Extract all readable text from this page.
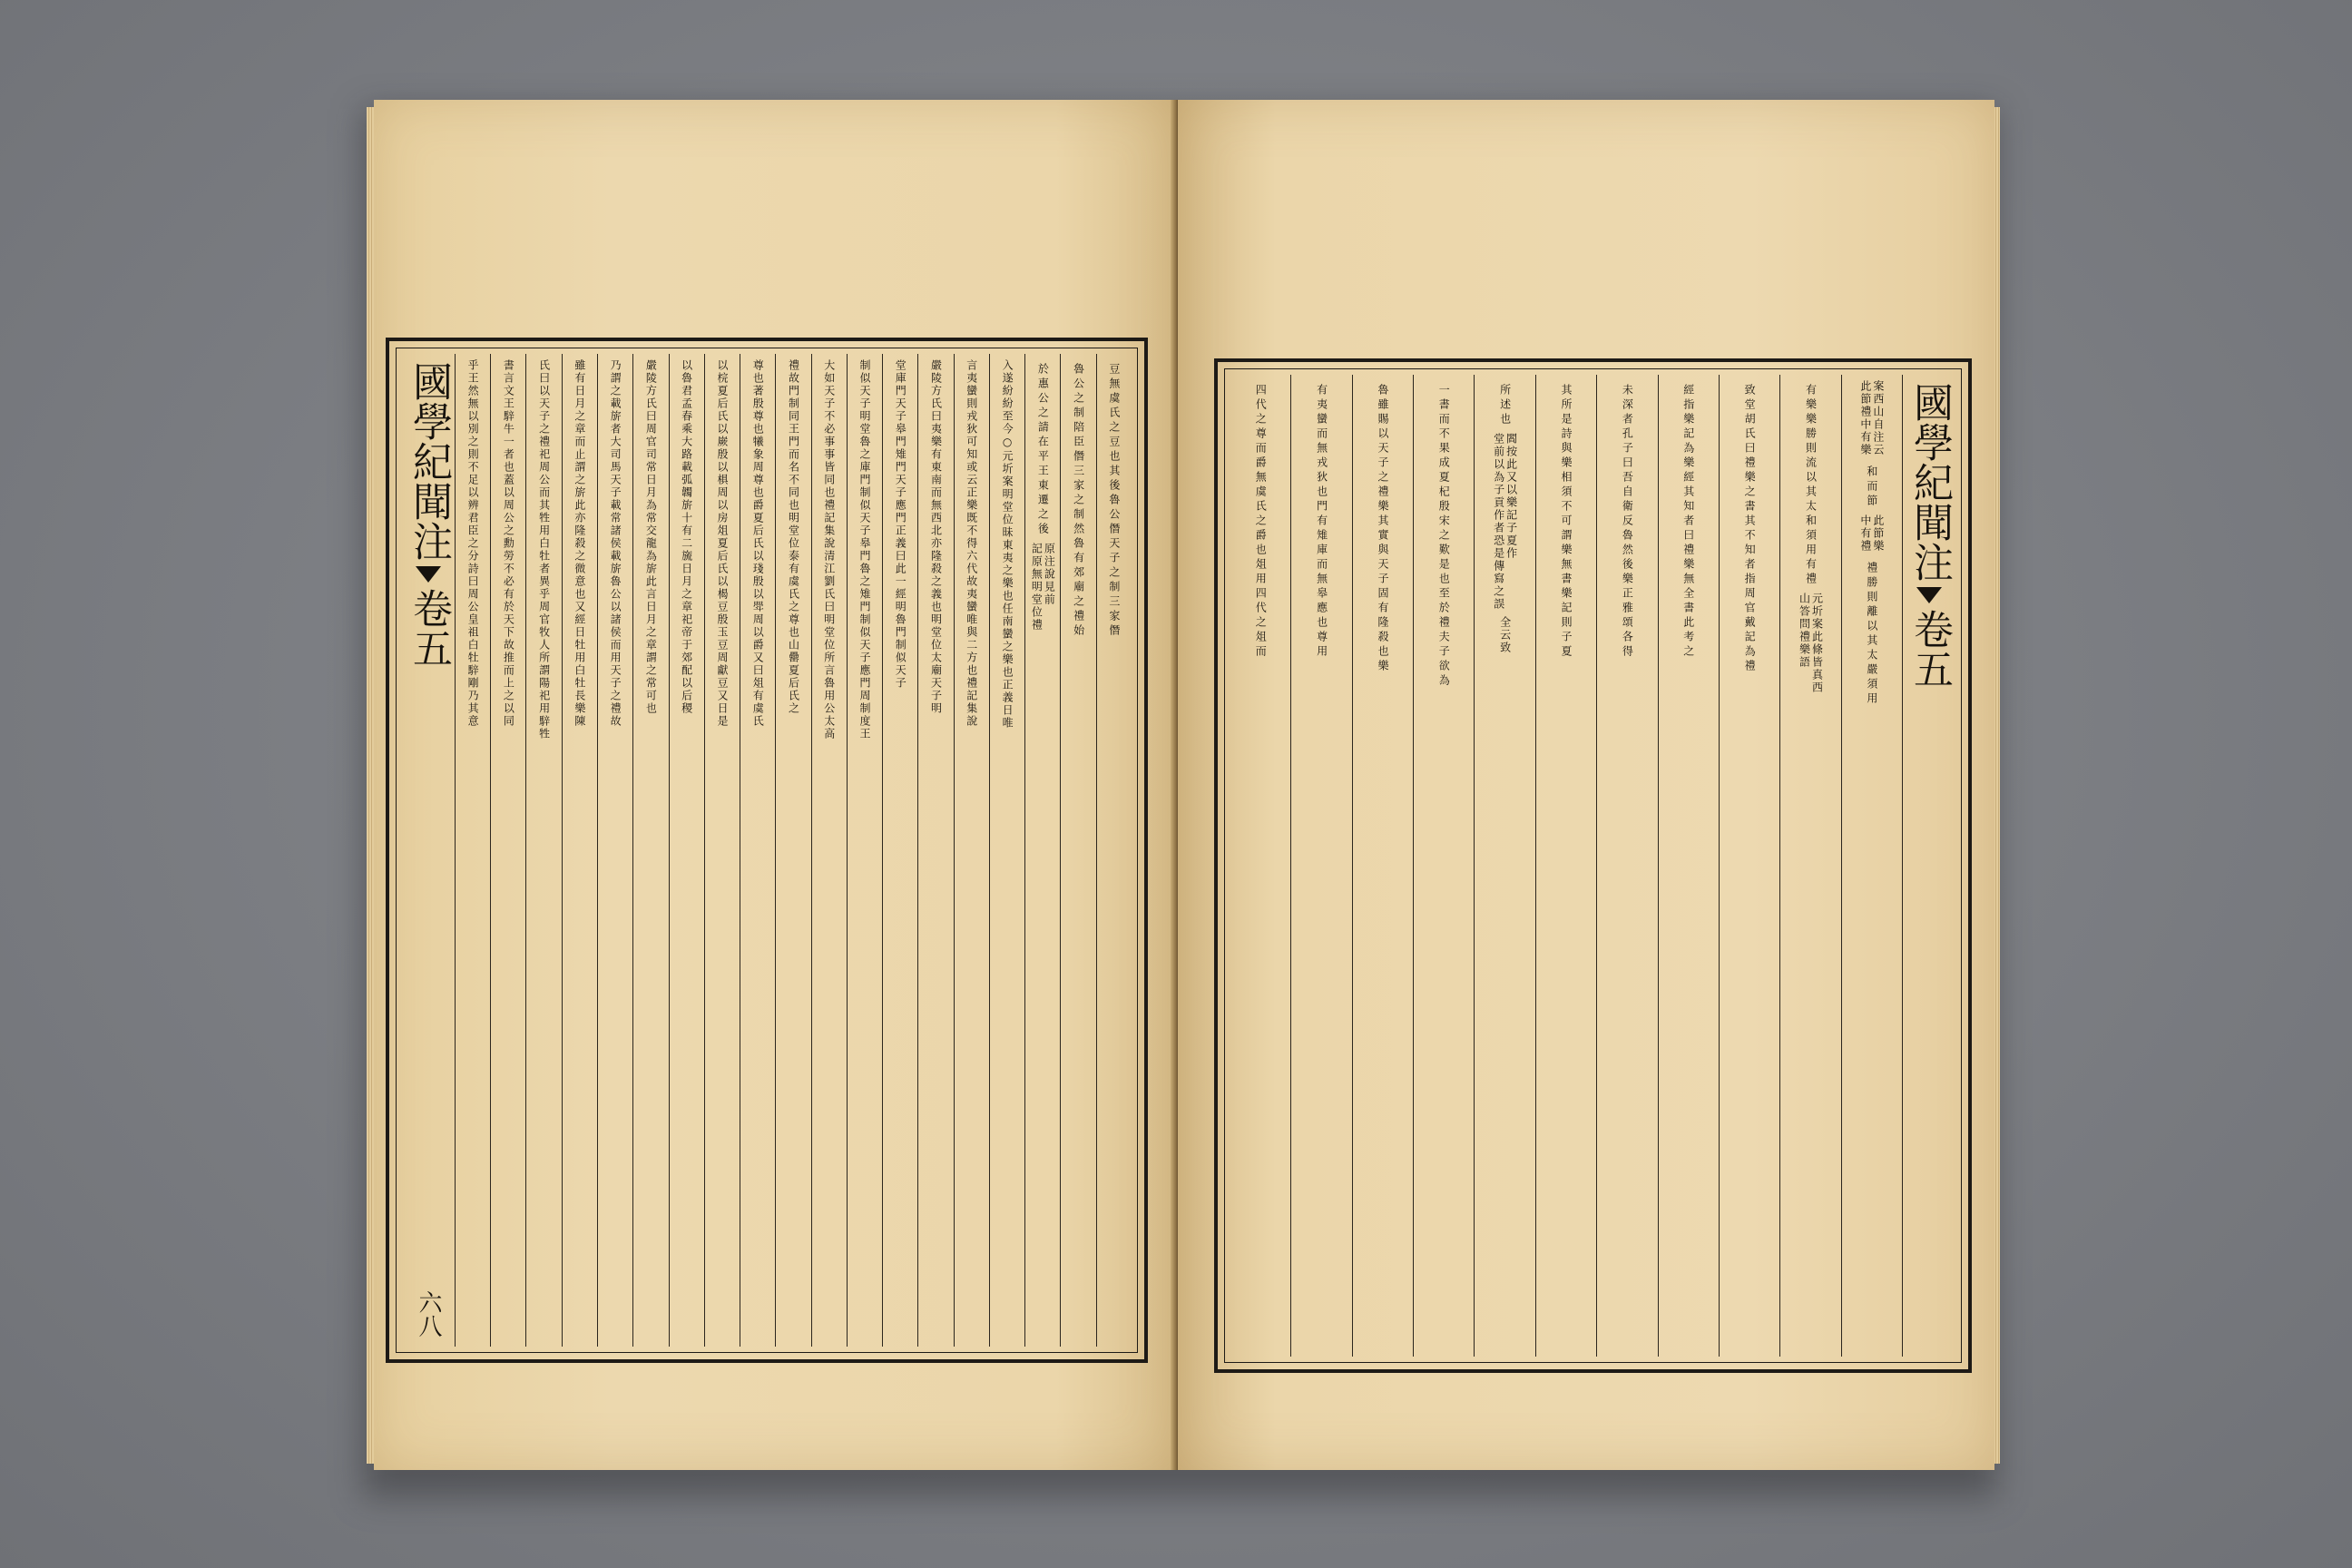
豆無虞氏之豆也其後魯公僭天子之制三家僭
魯公之制陪臣僭三家之制然魯有郊廟之禮始
於惠公之請在平王東遷之後
原注說見前
記原無明堂位禮
入遂紛紛至今○元圻案明堂位昧東夷之樂也任南蠻之樂也正義日唯
言夷蠻則戎狄可知或云正樂既不得六代故夷蠻唯與二方也禮記集說
嚴陵方氏曰夷樂有東南而無西北亦隆殺之義也明堂位太廟天子明
堂庫門天子皋門雉門天子應門正義曰此一經明魯門制似天子
制似天子明堂魯之庫門制似天子皋門魯之雉門制似天子應門周制度王
大如天子不必事事皆同也禮記集說清江劉氏曰明堂位所言魯用公太高
禮故門制同王門而名不同也明堂位泰有虞氏之尊也山罍夏后氏之
尊也著殷尊也犧象周尊也爵夏后氏以琖殷以斝周以爵又曰俎有虞氏
以梡夏后氏以嶡殷以椇周以房俎夏后氏以楬豆殷玉豆周獻豆又日是
以魯君孟春乘大路載弧韣旂十有二旒日月之章祀帝于郊配以后稷
嚴陵方氏曰周官司常日月為常交龍為旂此言日月之章謂之常可也
乃謂之載旂者大司馬天子載常諸侯載旂魯公以諸侯而用天子之禮故
雖有日月之章而止謂之旂此亦隆殺之微意也又經日牡用白牡長樂陳
氏曰以天子之禮祀周公而其牲用白牡者異乎周官牧人所謂陽祀用騂牲
書言文王騂牛一者也蓋以周公之勳勞不必有於天下故推而上之以同
乎王然無以別之則不足以辨君臣之分詩曰周公皇祖白牡騂剛乃其意
國學紀聞注
卷五
六八
國學紀聞注
卷五
案西山自注云
此節禮中有樂
和而節
此節樂
中有禮
禮勝則離以其太嚴須用
有樂樂勝則流以其太和須用有禮
元圻案此條皆真西
山答問禮樂語
致堂胡氏曰禮樂之書其不知者指周官戴記為禮
經指樂記為樂經其知者曰禮樂無全書此考之
未深者孔子曰吾自衛反魯然後樂正雅頌各得
其所是詩與樂相須不可謂樂無書樂記則子夏
所述也
閻按此又以樂記子夏作
堂前以為子貢作者恐是傳寫之誤
全云致
一書而不果成夏杞殷宋之歎是也至於禮夫子欲為
魯雖賜以天子之禮樂其實與天子固有隆殺也樂
有夷蠻而無戎狄也門有雉庫而無皋應也尊用
四代之尊而爵無虞氏之爵也俎用四代之俎而
